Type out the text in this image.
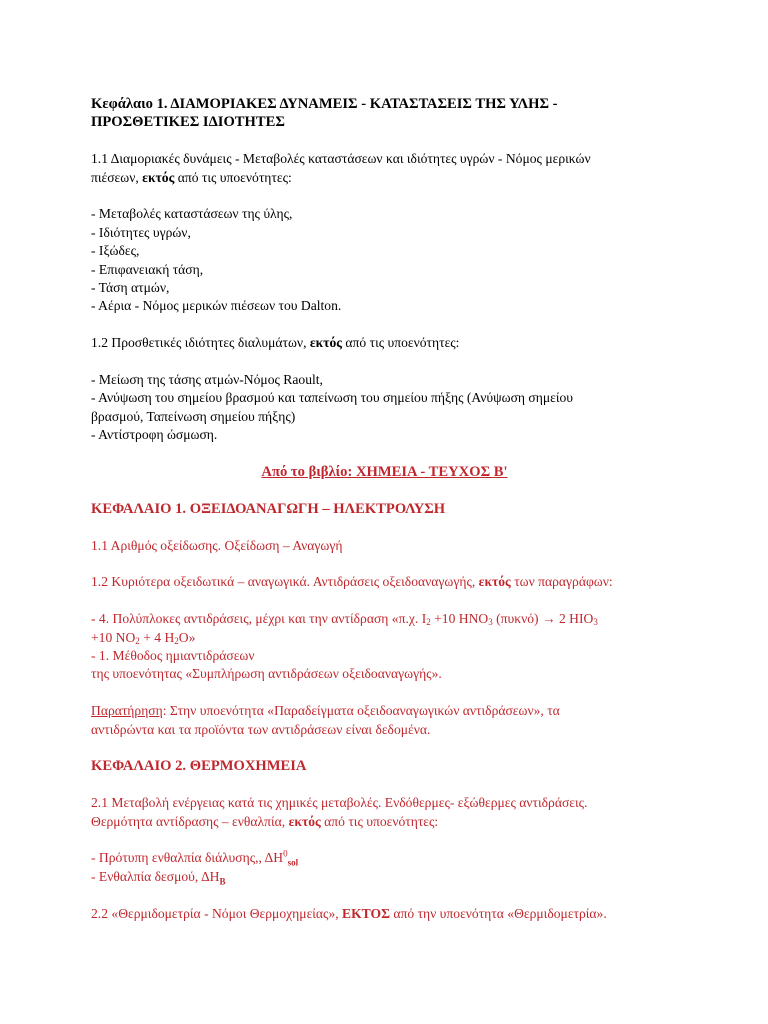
Κεφάλαιο 1. ΔΙΑΜΟΡΙΑΚΕΣ ΔΥΝΑΜΕΙΣ - ΚΑΤΑΣΤΑΣΕΙΣ ΤΗΣ ΥΛΗΣ -

ΠΡΟΣΘΕΤΙΚΕΣ ΙΔΙΟΤΗΤΕΣ

1.1 Διαμοριακές δυνάμεις - Μεταβολές καταστάσεων και ιδιότητες υγρών - Νόμος μερικών

πιέσεων, εκτός από τις υποενότητες:

- Μεταβολές καταστάσεων της ύλης,

- Ιδιότητες υγρών,

- Ιξώδες,

- Επιφανειακή τάση,

- Τάση ατμών,

- Αέρια - Νόμος μερικών πιέσεων του Dalton.

1.2 Προσθετικές ιδιότητες διαλυμάτων, εκτός από τις υποενότητες:

- Μείωση της τάσης ατμών-Νόμος Raoult,

- Ανύψωση του σημείου βρασμού και ταπείνωση του σημείου πήξης (Ανύψωση σημείου

βρασμού, Ταπείνωση σημείου πήξης)

- Αντίστροφη ώσμωση.

Από το βιβλίο: ΧΗΜΕΙΑ - ΤΕΥΧΟΣ Β'

ΚΕΦΑΛΑΙΟ 1. ΟΞΕΙΔΟΑΝΑΓΩΓΗ – ΗΛΕΚΤΡΟΛΥΣΗ

1.1 Αριθμός οξείδωσης. Οξείδωση – Αναγωγή

1.2 Κυριότερα οξειδωτικά – αναγωγικά. Αντιδράσεις οξειδοαναγωγής, εκτός των παραγράφων:

- 4. Πολύπλοκες αντιδράσεις, μέχρι και την αντίδραση «π.χ. $I_2 +10$ $HNO_3$ (πυκνό) → 2 $HIO_3$

+10 $NO_2 + 4$ $H_2O$»

- 1. Μέθοδος ημιαντιδράσεων

της υποενότητας «Συμπλήρωση αντιδράσεων οξειδοαναγωγής».

Παρατήρηση: Στην υποενότητα «Παραδείγματα οξειδοαναγωγικών αντιδράσεων», τα

αντιδρώντα και τα προϊόντα των αντιδράσεων είναι δεδομένα.

ΚΕΦΑΛΑΙΟ 2. ΘΕΡΜΟΧΗΜΕΙΑ

2.1 Μεταβολή ενέργειας κατά τις χημικές μεταβολές. Ενδόθερμες- εξώθερμες αντιδράσεις.

Θερμότητα αντίδρασης – ενθαλπία, εκτός από τις υποενότητες:

- Πρότυπη ενθαλπία διάλυσης,, $\Delta H^0_{sol}$

- Ενθαλπία δεσμού, $\Delta H_B$

2.2 «Θερμιδομετρία - Νόμοι Θερμοχημείας», ΕΚΤΟΣ από την υποενότητα «Θερμιδομετρία».
